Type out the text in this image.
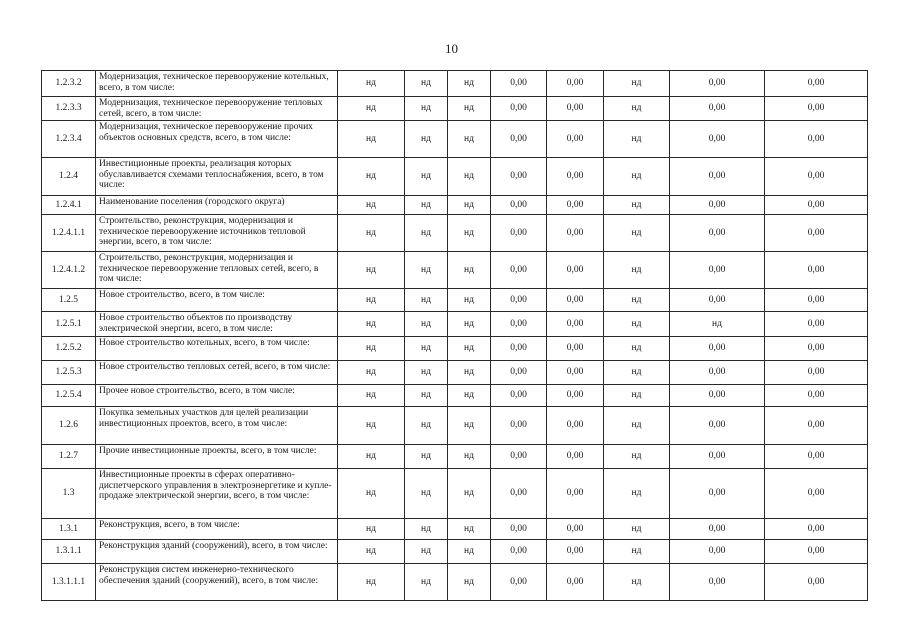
10
1.2.3.2	Модернизация, техническое перевооружение котельных, всего, в том числе:	нд	нд	нд	0,00	0,00	нд	0,00	0,00
1.2.3.3	Модернизация, техническое перевооружение тепловых сетей, всего, в том числе:	нд	нд	нд	0,00	0,00	нд	0,00	0,00
1.2.3.4	Модернизация, техническое перевооружение прочих объектов основных средств, всего, в том числе:	нд	нд	нд	0,00	0,00	нд	0,00	0,00
1.2.4	Инвестиционные проекты, реализация которых обуславливается схемами теплоснабжения, всего, в том числе:	нд	нд	нд	0,00	0,00	нд	0,00	0,00
1.2.4.1	Наименование поселения (городского округа)	нд	нд	нд	0,00	0,00	нд	0,00	0,00
1.2.4.1.1	Строительство, реконструкция, модернизация и техническое перевооружение источников тепловой энергии, всего, в том числе:	нд	нд	нд	0,00	0,00	нд	0,00	0,00
1.2.4.1.2	Строительство, реконструкция, модернизация и техническое перевооружение тепловых сетей, всего, в том числе:	нд	нд	нд	0,00	0,00	нд	0,00	0,00
1.2.5	Новое строительство, всего, в том числе:	нд	нд	нд	0,00	0,00	нд	0,00	0,00
1.2.5.1	Новое строительство объектов по производству электрической энергии, всего, в том числе:	нд	нд	нд	0,00	0,00	нд	нд	0,00
1.2.5.2	Новое строительство котельных, всего, в том числе:	нд	нд	нд	0,00	0,00	нд	0,00	0,00
1.2.5.3	Новое строительство тепловых сетей, всего, в том числе:	нд	нд	нд	0,00	0,00	нд	0,00	0,00
1.2.5.4	Прочее новое строительство, всего, в том числе:	нд	нд	нд	0,00	0,00	нд	0,00	0,00
1.2.6	Покупка земельных участков для целей реализации инвестиционных проектов, всего, в том числе:	нд	нд	нд	0,00	0,00	нд	0,00	0,00
1.2.7	Прочие инвестиционные проекты, всего, в том числе:	нд	нд	нд	0,00	0,00	нд	0,00	0,00
1.3	Инвестиционные проекты в сферах оперативно-диспетчерского управления в электроэнергетике и купле-продаже электрической энергии, всего, в том числе:	нд	нд	нд	0,00	0,00	нд	0,00	0,00
1.3.1	Реконструкция, всего, в том числе:	нд	нд	нд	0,00	0,00	нд	0,00	0,00
1.3.1.1	Реконструкция зданий (сооружений), всего, в том числе:	нд	нд	нд	0,00	0,00	нд	0,00	0,00
1.3.1.1.1	Реконструкция систем инженерно-технического обеспечения зданий (сооружений), всего, в том числе:	нд	нд	нд	0,00	0,00	нд	0,00	0,00
